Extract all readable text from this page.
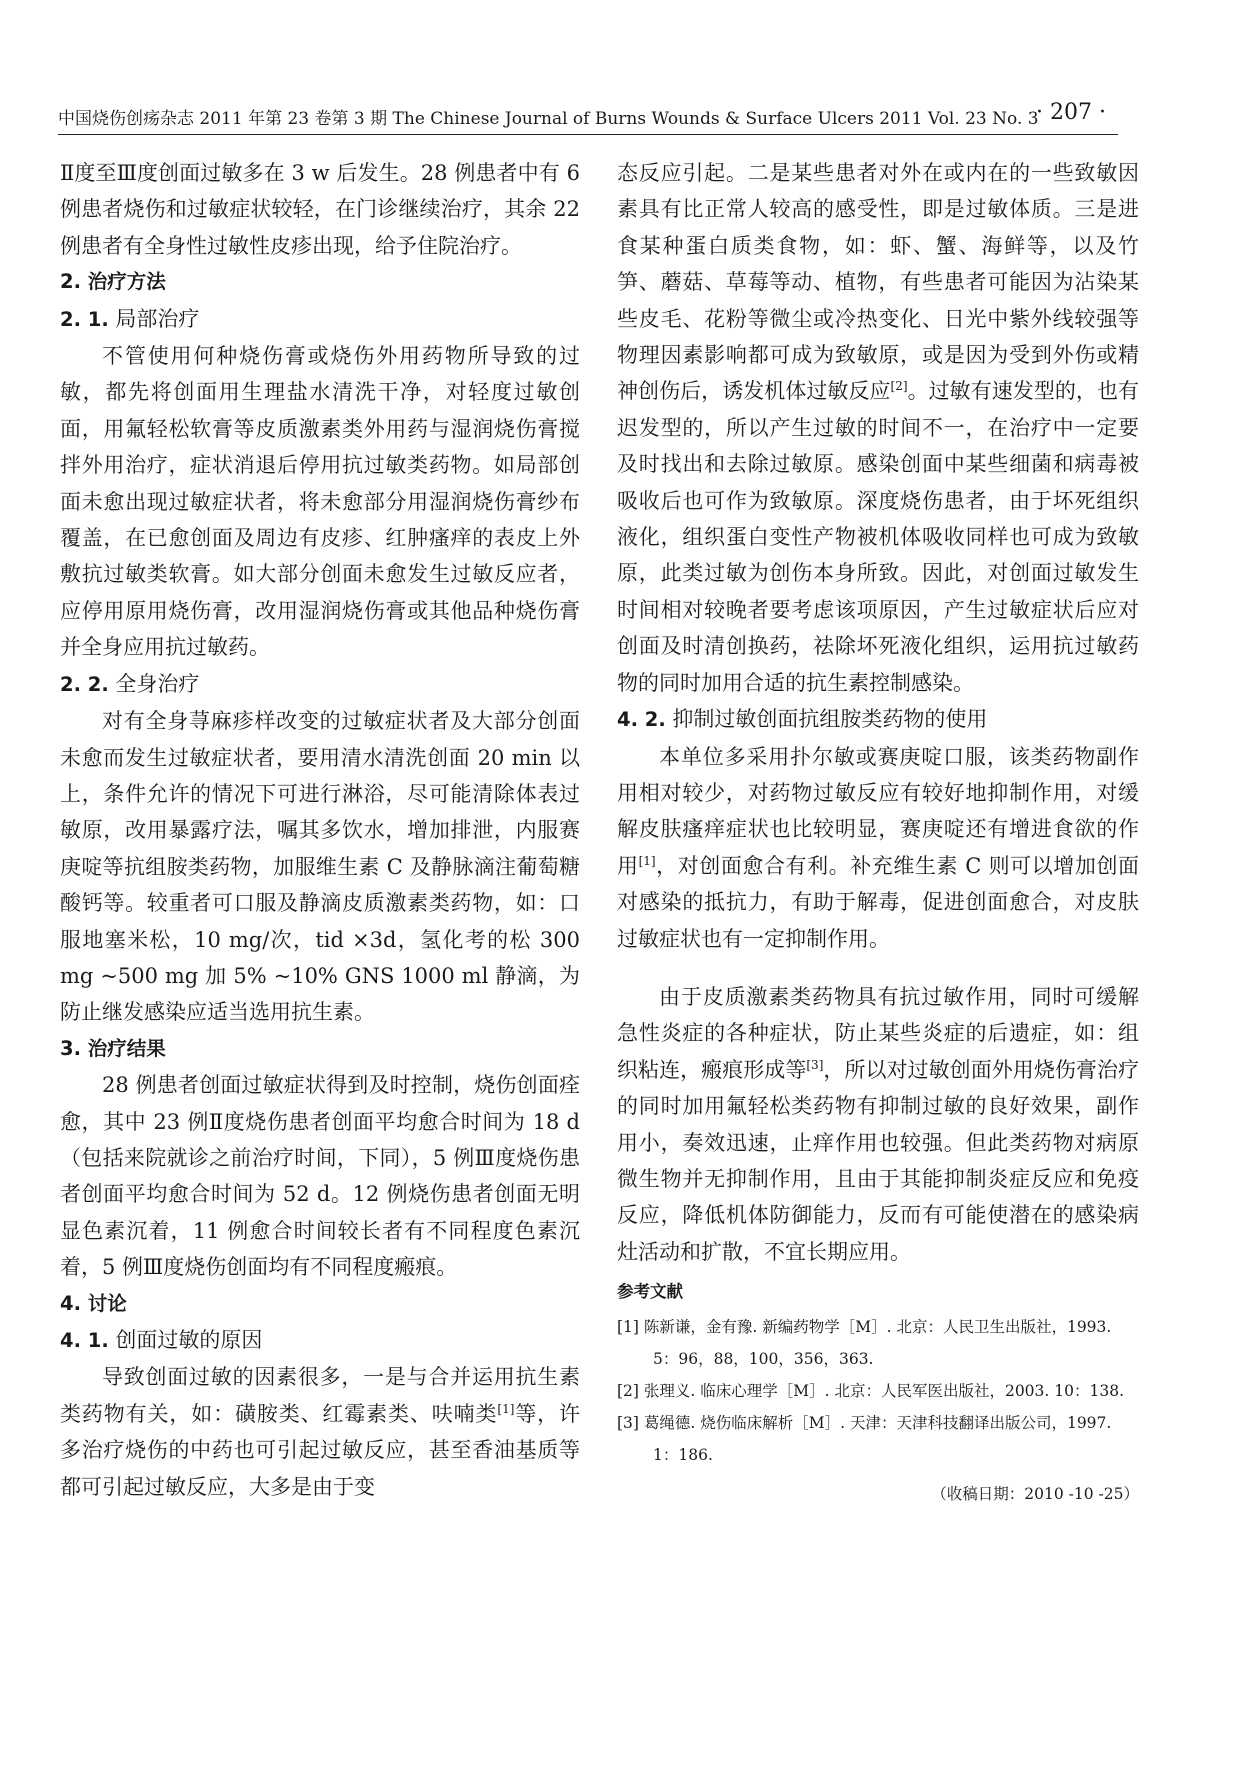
中国烧伤创疡杂志 2011 年第 23 卷第 3 期 The Chinese Journal of Burns Wounds & Surface Ulcers 2011 Vol. 23 No. 3
· 207 ·

Ⅱ度至Ⅲ度创面过敏多在 3 w 后发生。28 例患者中有 6 例患者烧伤和过敏症状较轻，在门诊继续治疗，其余 22 例患者有全身性过敏性皮疹出现，给予住院治疗。

2. 治疗方法

2. 1. 局部治疗

不管使用何种烧伤膏或烧伤外用药物所导致的过敏，都先将创面用生理盐水清洗干净，对轻度过敏创面，用氟轻松软膏等皮质激素类外用药与湿润烧伤膏搅拌外用治疗，症状消退后停用抗过敏类药物。如局部创面未愈出现过敏症状者，将未愈部分用湿润烧伤膏纱布覆盖，在已愈创面及周边有皮疹、红肿瘙痒的表皮上外敷抗过敏类软膏。如大部分创面未愈发生过敏反应者，应停用原用烧伤膏，改用湿润烧伤膏或其他品种烧伤膏并全身应用抗过敏药。

2. 2. 全身治疗

对有全身荨麻疹样改变的过敏症状者及大部分创面未愈而发生过敏症状者，要用清水清洗创面 20 min 以上，条件允许的情况下可进行淋浴，尽可能清除体表过敏原，改用暴露疗法，嘱其多饮水，增加排泄，内服赛庚啶等抗组胺类药物，加服维生素 C 及静脉滴注葡萄糖酸钙等。较重者可口服及静滴皮质激素类药物，如：口服地塞米松，10 mg/次，tid ×3d，氢化考的松 300 mg ~500 mg 加 5% ~10% GNS 1000 ml 静滴，为防止继发感染应适当选用抗生素。

3. 治疗结果

28 例患者创面过敏症状得到及时控制，烧伤创面痊愈，其中 23 例Ⅱ度烧伤患者创面平均愈合时间为 18 d（包括来院就诊之前治疗时间，下同），5 例Ⅲ度烧伤患者创面平均愈合时间为 52 d。12 例烧伤患者创面无明显色素沉着，11 例愈合时间较长者有不同程度色素沉着，5 例Ⅲ度烧伤创面均有不同程度瘢痕。

4. 讨论

4. 1. 创面过敏的原因

导致创面过敏的因素很多，一是与合并运用抗生素类药物有关，如：磺胺类、红霉素类、呋喃类[1]等，许多治疗烧伤的中药也可引起过敏反应，甚至香油基质等都可引起过敏反应，大多是由于变

态反应引起。二是某些患者对外在或内在的一些致敏因素具有比正常人较高的感受性，即是过敏体质。三是进食某种蛋白质类食物，如：虾、蟹、海鲜等，以及竹笋、蘑菇、草莓等动、植物，有些患者可能因为沾染某些皮毛、花粉等微尘或冷热变化、日光中紫外线较强等物理因素影响都可成为致敏原，或是因为受到外伤或精神创伤后，诱发机体过敏反应[2]。过敏有速发型的，也有迟发型的，所以产生过敏的时间不一，在治疗中一定要及时找出和去除过敏原。感染创面中某些细菌和病毒被吸收后也可作为致敏原。深度烧伤患者，由于坏死组织液化，组织蛋白变性产物被机体吸收同样也可成为致敏原，此类过敏为创伤本身所致。因此，对创面过敏发生时间相对较晚者要考虑该项原因，产生过敏症状后应对创面及时清创换药，祛除坏死液化组织，运用抗过敏药物的同时加用合适的抗生素控制感染。

4. 2. 抑制过敏创面抗组胺类药物的使用

本单位多采用扑尔敏或赛庚啶口服，该类药物副作用相对较少，对药物过敏反应有较好地抑制作用，对缓解皮肤瘙痒症状也比较明显，赛庚啶还有增进食欲的作用[1]，对创面愈合有利。补充维生素 C 则可以增加创面对感染的抵抗力，有助于解毒，促进创面愈合，对皮肤过敏症状也有一定抑制作用。

由于皮质激素类药物具有抗过敏作用，同时可缓解急性炎症的各种症状，防止某些炎症的后遗症，如：组织粘连，瘢痕形成等[3]，所以对过敏创面外用烧伤膏治疗的同时加用氟轻松类药物有抑制过敏的良好效果，副作用小，奏效迅速，止痒作用也较强。但此类药物对病原微生物并无抑制作用，且由于其能抑制炎症反应和免疫反应，降低机体防御能力，反而有可能使潜在的感染病灶活动和扩散，不宜长期应用。

参考文献

[1] 陈新谦，金有豫. 新编药物学［M］. 北京：人民卫生出版社，1993. 5：96，88，100，356，363.

[2] 张理义. 临床心理学［M］. 北京：人民军医出版社，2003. 10：138.

[3] 葛绳德. 烧伤临床解析［M］. 天津：天津科技翻译出版公司，1997. 1：186.

（收稿日期：2010 -10 -25）
